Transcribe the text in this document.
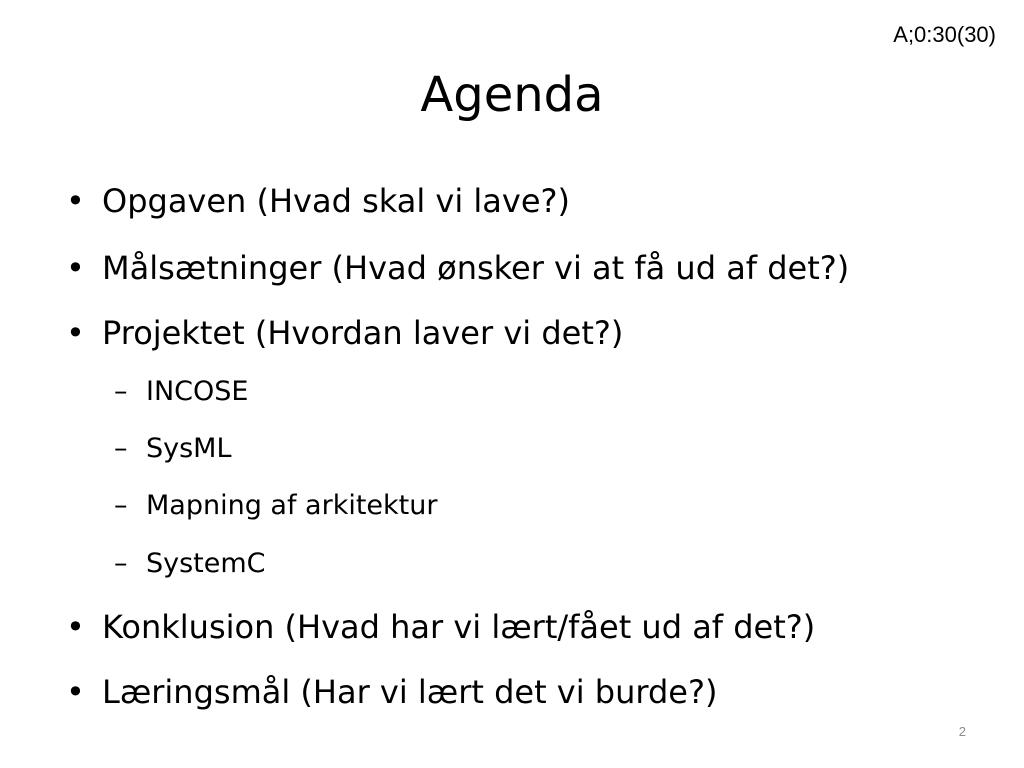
A;0:30(30)
Agenda
• Opgaven (Hvad skal vi lave?)
• Målsætninger (Hvad ønsker vi at få ud af det?)
• Projektet (Hvordan laver vi det?)
– INCOSE
– SysML
– Mapning af arkitektur
– SystemC
• Konklusion (Hvad har vi lært/fået ud af det?)
• Læringsmål (Har vi lært det vi burde?)
2
